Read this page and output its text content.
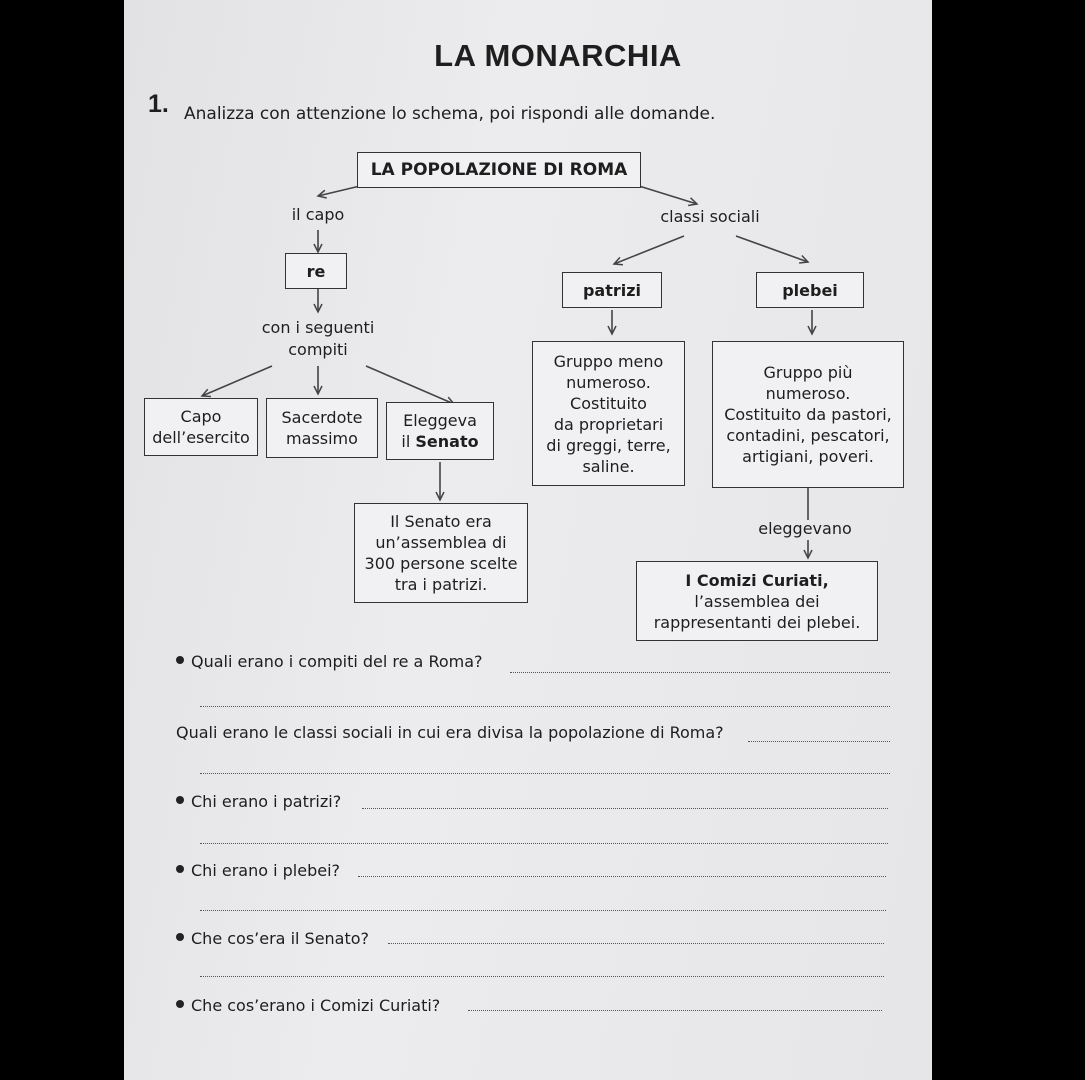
LA MONARCHIA
1. Analizza con attenzione lo schema, poi rispondi alle domande.
LA POPOLAZIONE DI ROMA
il capo
re
con i seguenti
compiti
Capo
dell’esercito
Sacerdote
massimo
Eleggeva
il Senato
Il Senato era
un’assemblea di
300 persone scelte
tra i patrizi.
classi sociali
patrizi	plebei
Gruppo meno
numeroso.
Costituito
da proprietari
di greggi, terre,
saline.
Gruppo più
numeroso.
Costituito da pastori,
contadini, pescatori,
artigiani, poveri.
eleggevano
I Comizi Curiati,
l’assemblea dei
rappresentanti dei plebei.
Quali erano i compiti del re a Roma?
Quali erano le classi sociali in cui era divisa la popolazione di Roma?
Chi erano i patrizi?
Chi erano i plebei?
Che cos’era il Senato?
Che cos’erano i Comizi Curiati?
